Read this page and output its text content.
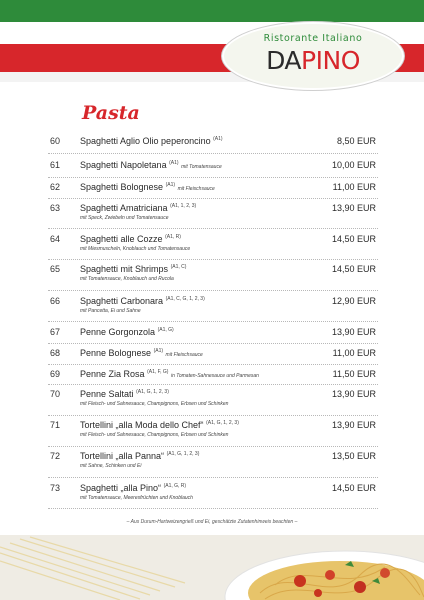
Ristorante Italiano
DAPINO
Pasta
60 Spaghetti Aglio Olio peperoncino $^{(A1)}$	8,50 EUR
61 Spaghetti Napoletana $^{(A1)}$ mit Tomatensauce	10,00 EUR
62 Spaghetti Bolognese $^{(A1)}$ mit Fleischsauce	11,00 EUR
63 Spaghetti Amatriciana $^{(A1, 1, 2, 3)}$	13,90 EUR
mit Speck, Zwiebeln und Tomatensauce
64 Spaghetti alle Cozze $^{(A1, R)}$	14,50 EUR
mit Miesmuscheln, Knoblauch und Tomatensauce
65 Spaghetti mit Shrimps $^{(A1, C)}$	14,50 EUR
mit Tomatensauce, Knoblauch und Rucola
66 Spaghetti Carbonara $^{(A1, C, G, 1, 2, 3)}$	12,90 EUR
mit Pancetta, Ei und Sahne
67 Penne Gorgonzola $^{(A1, G)}$	13,90 EUR
68 Penne Bolognese $^{(A1)}$ mit Fleischsauce	11,00 EUR
69 Penne Zia Rosa $^{(A1, F, G)}$ in Tomaten-Sahnesauce und Parmesan	11,50 EUR
70 Penne Saltati $^{(A1, G, 1, 2, 3)}$	13,90 EUR
mit Fleisch- und Sahnesauce, Champignons, Erbsen und Schinken
71 Tortellini „alla Moda dello Chef“ $^{(A1, G, 1, 2, 3)}$	13,90 EUR
mit Fleisch- und Sahnesauce, Champignons, Erbsen und Schinken
72 Tortellini „alla Panna“ $^{(A1, G, 1, 2, 3)}$	13,50 EUR
mit Sahne, Schinken und Ei
73 Spaghetti „alla Pino“ $^{(A1, G, R)}$	14,50 EUR
mit Tomatensauce, Meeresfrüchten und Knoblauch
– Aus Durum-Hartweizengrieß und Ei, geschätzte Zutatenhinweis beachten –
